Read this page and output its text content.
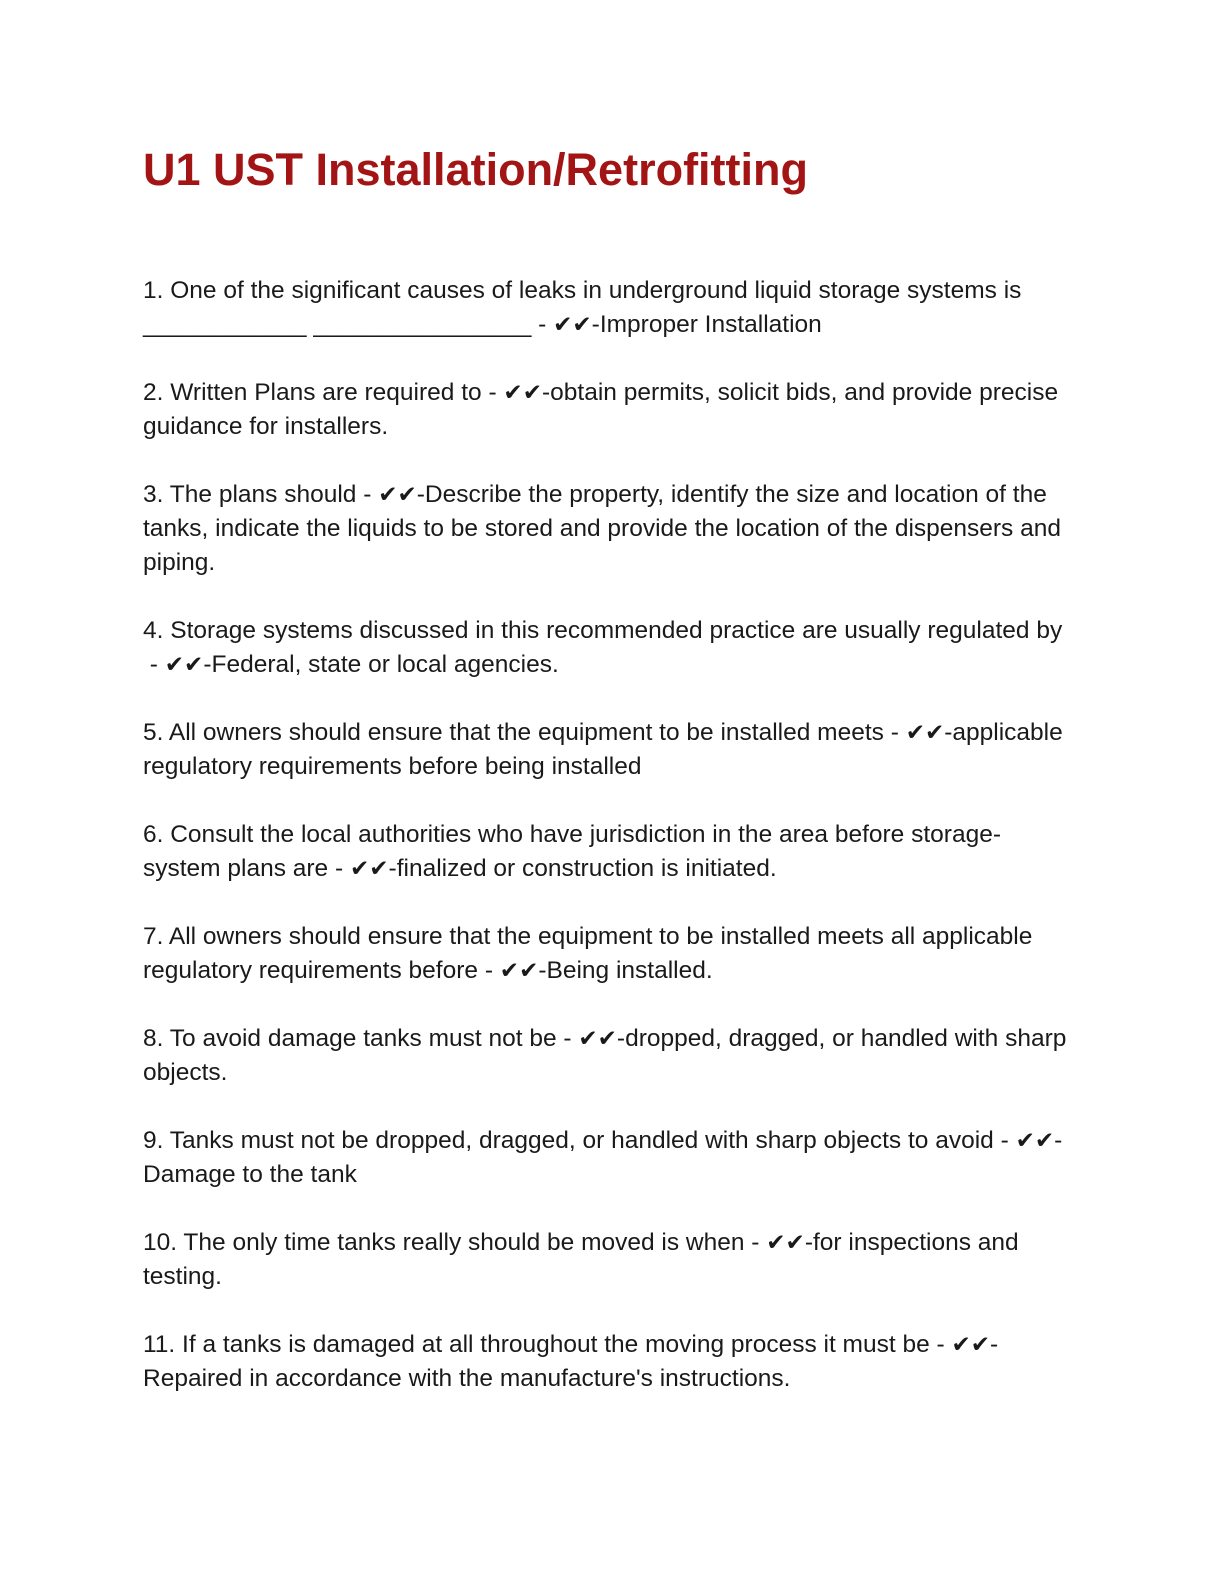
U1 UST Installation/Retrofitting
1. One of the significant causes of leaks in underground liquid storage systems is ____________ ________________ - ✔✔-Improper Installation
2. Written Plans are required to - ✔✔-obtain permits, solicit bids, and provide precise guidance for installers.
3. The plans should - ✔✔-Describe the property, identify the size and location of the tanks, indicate the liquids to be stored and provide the location of the dispensers and piping.
4. Storage systems discussed in this recommended practice are usually regulated by - ✔✔-Federal, state or local agencies.
5. All owners should ensure that the equipment to be installed meets - ✔✔-applicable regulatory requirements before being installed
6. Consult the local authorities who have jurisdiction in the area before storage-system plans are - ✔✔-finalized or construction is initiated.
7. All owners should ensure that the equipment to be installed meets all applicable regulatory requirements before - ✔✔-Being installed.
8. To avoid damage tanks must not be - ✔✔-dropped, dragged, or handled with sharp objects.
9. Tanks must not be dropped, dragged, or handled with sharp objects to avoid - ✔✔-Damage to the tank
10. The only time tanks really should be moved is when - ✔✔-for inspections and testing.
11. If a tanks is damaged at all throughout the moving process it must be - ✔✔-Repaired in accordance with the manufacture's instructions.
